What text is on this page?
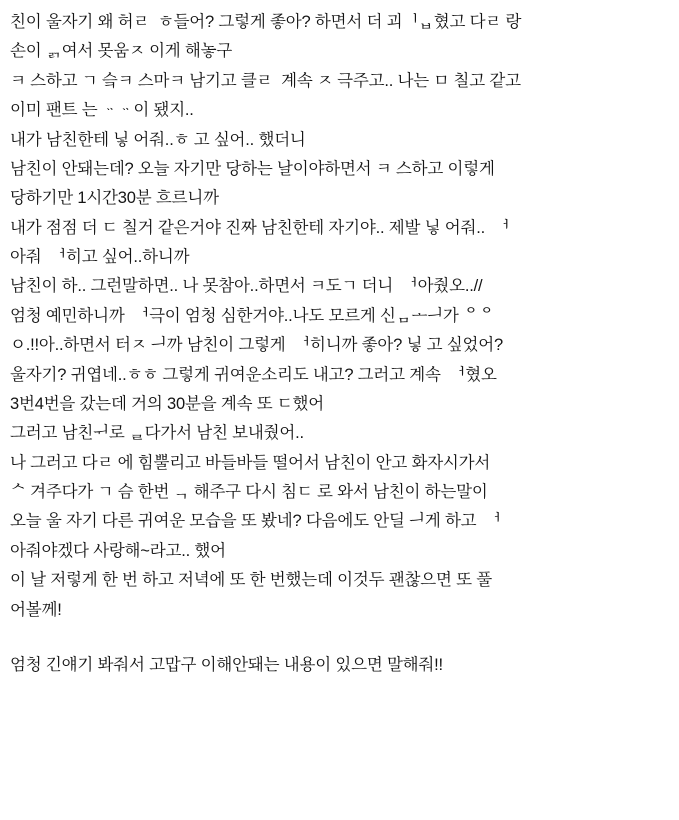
친이 울자기 왜 허ㄹ  ㅎ들어? 그렇게 좋아? 하면서 더 괴ᅵᆸ혔고 다ㄹ 랑

손이 ᆰ여서 못움ㅈ 이게 해놓구

ㅋ 스하고 ㄱ 슼ㅋ 스마ㅋ 남기고 클ㄹ  계속 ㅈ 극주고.. 나는 ㅁ 칠고 같고

이미 팬트 는 ᆢᆢ이 됐지..

내가 남친한테 닣 어줘..ㅎ 고 싶어.. 했더니

남친이 안돼는데? 오늘 자기만 당하는 날이야하면서 ㅋ 스하고 이렇게

당하기만 1시간30분 흐르니까

내가 점점 더 ㄷ 칠거 같은거야 진짜 남친한테 자기야.. 제발 닣 어줘..  ᅥ

아줘  ᅥ히고 싶어..하니까

남친이 하.. 그런말하면.. 나 못참아..하면서 ㅋ도ㄱ 더니  ᅥ아줬오..//

엄청 예민하니까  ᅥ극이 엄청 심한거야..나도 모르게 신ᆷᅩᅴ가 ᄋᄋ

ㅇ.!!아..하면서 터ㅈ ᅴ까 남친이 그렇게  ᅥ히니까 좋아? 닣 고 싶었어?

울자기? 귀엽네..ㅎㅎ 그렇게 귀여운소리도 내고? 그러고 계속  ᅥ혔오

3번4번을 갔는데 거의 30분을 계속 또 ㄷ했어

그러고 남친ᅱ로 ᆯ다가서 남친 보내줬어..

나 그러고 다ㄹ 에 힘뿔리고 바들바들 떨어서 남친이 안고 화자시가서

ᄉ 겨주다가 ㄱ 슴 한번 ᆨ 해주구 다시 침ㄷ 로 와서 남친이 하는말이

오늘 울 자기 다른 귀여운 모습을 또 봤네? 다음에도 안딜 ᅴ게 하고  ᅥ

아줘야겠다 사랑해~라고.. 했어

이 날 저렇게 한 번 하고 저녁에 또 한 번했는데 이것두 괜찮으면 또 풀

어볼께!

엄청 긴얘기 봐줘서 고맙구 이해안돼는 내용이 있으면 말해줘!!
